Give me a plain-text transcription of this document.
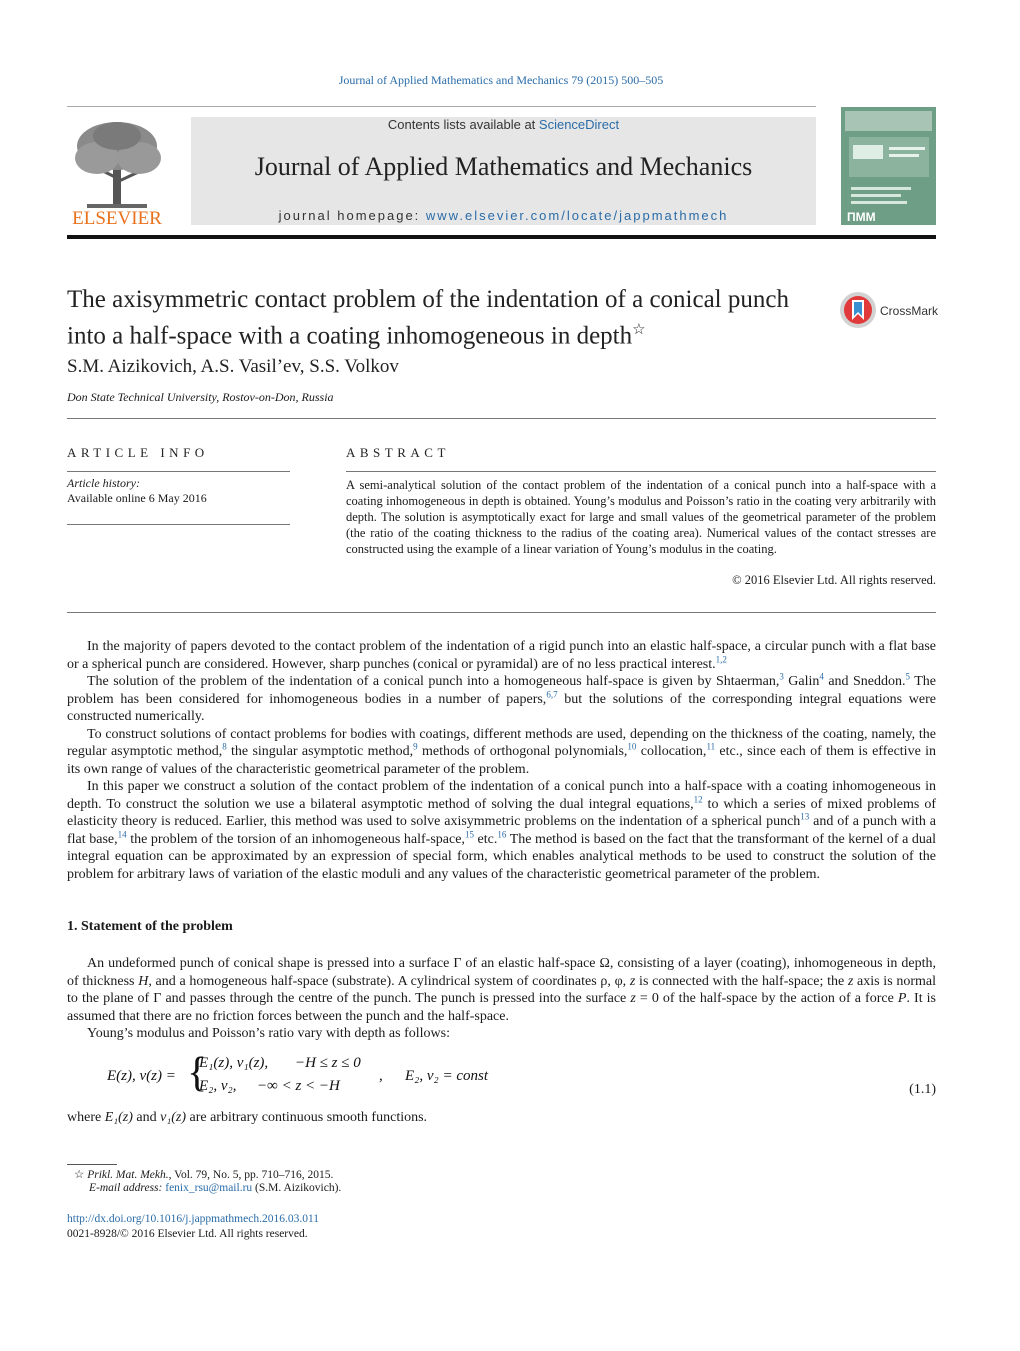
Journal of Applied Mathematics and Mechanics 79 (2015) 500–505
ELSEVIER
Contents lists available at ScienceDirect
Journal of Applied Mathematics and Mechanics
journal homepage: www.elsevier.com/locate/jappmathmech	ПММ
The axisymmetric contact problem of the indentation of a conical punch into a half-space with a coating inhomogeneous in depth☆
CrossMark
S.M. Aizikovich, A.S. Vasil’ev, S.S. Volkov
Don State Technical University, Rostov-on-Don, Russia
ARTICLE INFO	ABSTRACT
Article history:
Available online 6 May 2016
A semi-analytical solution of the contact problem of the indentation of a conical punch into a half-space with a coating inhomogeneous in depth is obtained. Young’s modulus and Poisson’s ratio in the coating very arbitrarily with depth. The solution is asymptotically exact for large and small values of the geometrical parameter of the problem (the ratio of the coating thickness to the radius of the coating area). Numerical values of the contact stresses are constructed using the example of a linear variation of Young’s modulus in the coating.
© 2016 Elsevier Ltd. All rights reserved.

In the majority of papers devoted to the contact problem of the indentation of a rigid punch into an elastic half-space, a circular punch with a flat base or a spherical punch are considered. However, sharp punches (conical or pyramidal) are of no less practical interest.$^{1,2}$

The solution of the problem of the indentation of a conical punch into a homogeneous half-space is given by Shtaerman,$^3$ Galin$^4$ and Sneddon.$^5$ The problem has been considered for inhomogeneous bodies in a number of papers,$^{6,7}$ but the solutions of the corresponding integral equations were constructed numerically.

To construct solutions of contact problems for bodies with coatings, different methods are used, depending on the thickness of the coating, namely, the regular asymptotic method,$^8$ the singular asymptotic method,$^9$ methods of orthogonal polynomials,$^{10}$ collocation,$^{11}$ etc., since each of them is effective in its own range of values of the characteristic geometrical parameter of the problem.

In this paper we construct a solution of the contact problem of the indentation of a conical punch into a half-space with a coating inhomogeneous in depth. To construct the solution we use a bilateral asymptotic method of solving the dual integral equations,$^{12}$ to which a series of mixed problems of elasticity theory is reduced. Earlier, this method was used to solve axisymmetric problems on the indentation of a spherical punch$^{13}$ and of a punch with a flat base,$^{14}$ the problem of the torsion of an inhomogeneous half-space,$^{15}$ etc.$^{16}$ The method is based on the fact that the transformant of the kernel of a dual integral equation can be approximated by an expression of special form, which enables analytical methods to be used to construct the solution of the problem for arbitrary laws of variation of the elastic moduli and any values of the characteristic geometrical parameter of the problem.

1. Statement of the problem

An undeformed punch of conical shape is pressed into a surface Γ of an elastic half-space Ω, consisting of a layer (coating), inhomogeneous in depth, of thickness H, and a homogeneous half-space (substrate). A cylindrical system of coordinates ρ, φ, z is connected with the half-space; the z axis is normal to the plane of Γ and passes through the centre of the punch. The punch is pressed into the surface z = 0 of the half-space by the action of a force P. It is assumed that there are no friction forces between the punch and the half-space.

Young’s modulus and Poisson’s ratio vary with depth as follows:

E(z), ν(z) = {
E₁(z), ν₁(z), −H ≤ z ≤ 0
E₂, ν₂, −∞ < z < −H
, E₂, ν₂ = const
(1.1)
where E₁(z) and ν₁(z) are arbitrary continuous smooth functions.
☆ Prikl. Mat. Mekh., Vol. 79, No. 5, pp. 710–716, 2015.
E-mail address: fenix_rsu@mail.ru (S.M. Aizikovich).
http://dx.doi.org/10.1016/j.jappmathmech.2016.03.011
0021-8928/© 2016 Elsevier Ltd. All rights reserved.
